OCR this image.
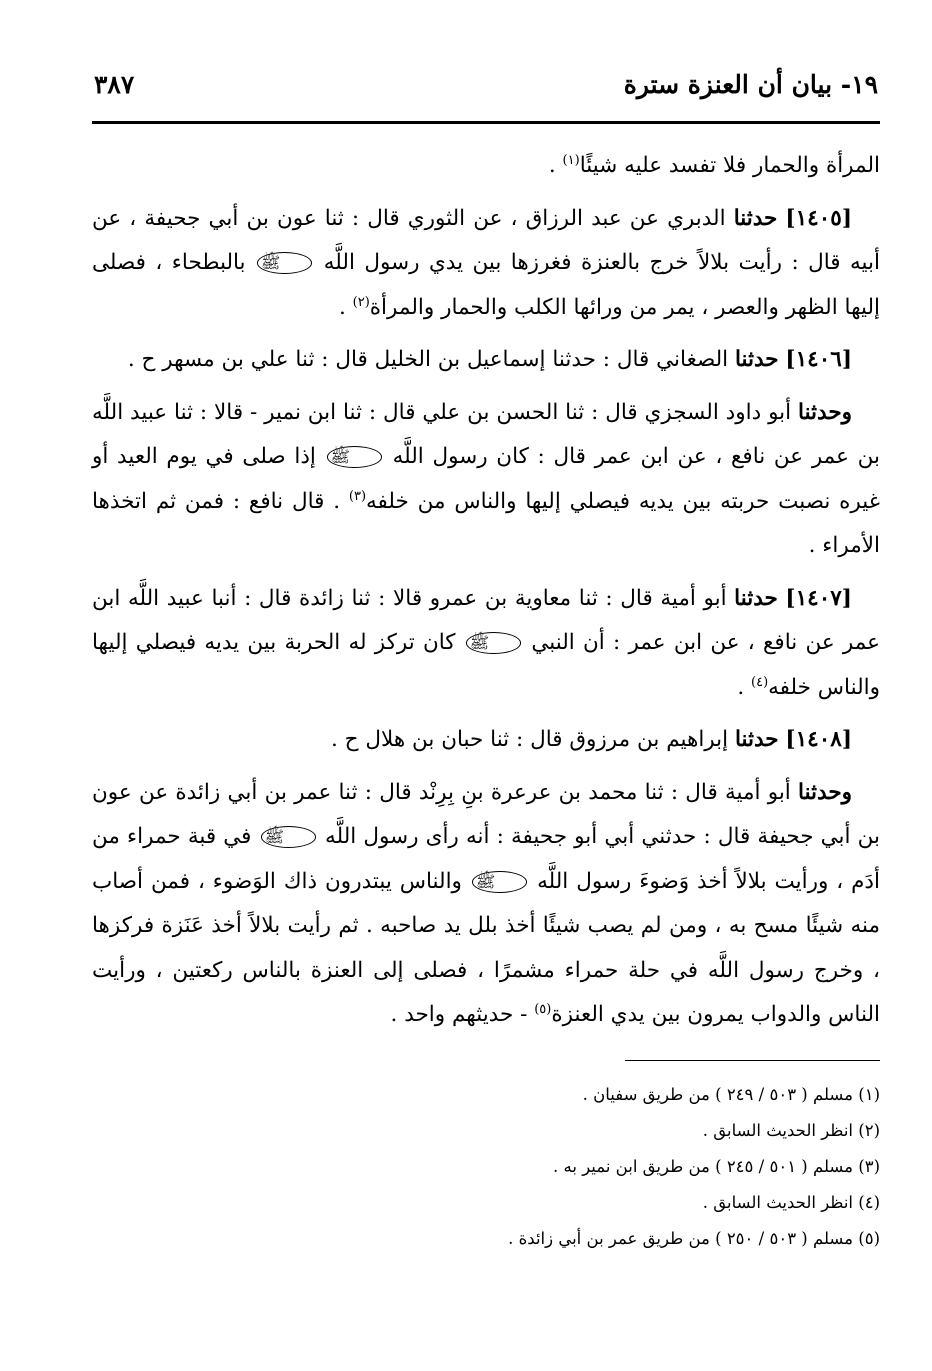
١٩- بيان أن العنزة سترة
٣٨٧

المرأة والحمار فلا تفسد عليه شيئًا$^{(١)}$ .

[١٤٠٥] حدثنا الدبري عن عبد الرزاق ، عن الثوري قال : ثنا عون بن أبي جحيفة ، عن أبيه قال : رأيت بلالاً خرج بالعنزة فغرزها بين يدي رسول اللَّه ﷺ بالبطحاء ، فصلى إليها الظهر والعصر ، يمر من ورائها الكلب والحمار والمرأة$^{(٢)}$ .

[١٤٠٦] حدثنا الصغاني قال : حدثنا إسماعيل بن الخليل قال : ثنا علي بن مسهر ح .

وحدثنا أبو داود السجزي قال : ثنا الحسن بن علي قال : ثنا ابن نمير - قالا : ثنا عبيد اللَّه بن عمر عن نافع ، عن ابن عمر قال : كان رسول اللَّه ﷺ إذا صلى في يوم العيد أو غيره نصبت حربته بين يديه فيصلي إليها والناس من خلفه$^{(٣)}$ . قال نافع : فمن ثم اتخذها الأمراء .

[١٤٠٧] حدثنا أبو أمية قال : ثنا معاوية بن عمرو قالا : ثنا زائدة قال : أنبا عبيد اللَّه ابن عمر عن نافع ، عن ابن عمر : أن النبي ﷺ كان تركز له الحربة بين يديه فيصلي إليها والناس خلفه$^{(٤)}$ .

[١٤٠٨] حدثنا إبراهيم بن مرزوق قال : ثنا حبان بن هلال ح .

وحدثنا أبو أمية قال : ثنا محمد بن عرعرة بنِ بِرِنْد قال : ثنا عمر بن أبي زائدة عن عون بن أبي جحيفة قال : حدثني أبي أبو جحيفة : أنه رأى رسول اللَّه ﷺ في قبة حمراء من أدَم ، ورأيت بلالاً أخذ وَضوءَ رسول اللَّه ﷺ والناس يبتدرون ذاك الوَضوء ، فمن أصاب منه شيئًا مسح به ، ومن لم يصب شيئًا أخذ بلل يد صاحبه . ثم رأيت بلالاً أخذ عَنَزة فركزها ، وخرج رسول اللَّه في حلة حمراء مشمرًا ، فصلى إلى العنزة بالناس ركعتين ، ورأيت الناس والدواب يمرون بين يدي العنزة$^{(٥)}$ - حديثهم واحد .

(١) مسلم ( ٥٠٣ / ٢٤٩ ) من طريق سفيان .

(٢) انظر الحديث السابق .

(٣) مسلم ( ٥٠١ / ٢٤٥ ) من طريق ابن نمير به .

(٤) انظر الحديث السابق .

(٥) مسلم ( ٥٠٣ / ٢٥٠ ) من طريق عمر بن أبي زائدة .
